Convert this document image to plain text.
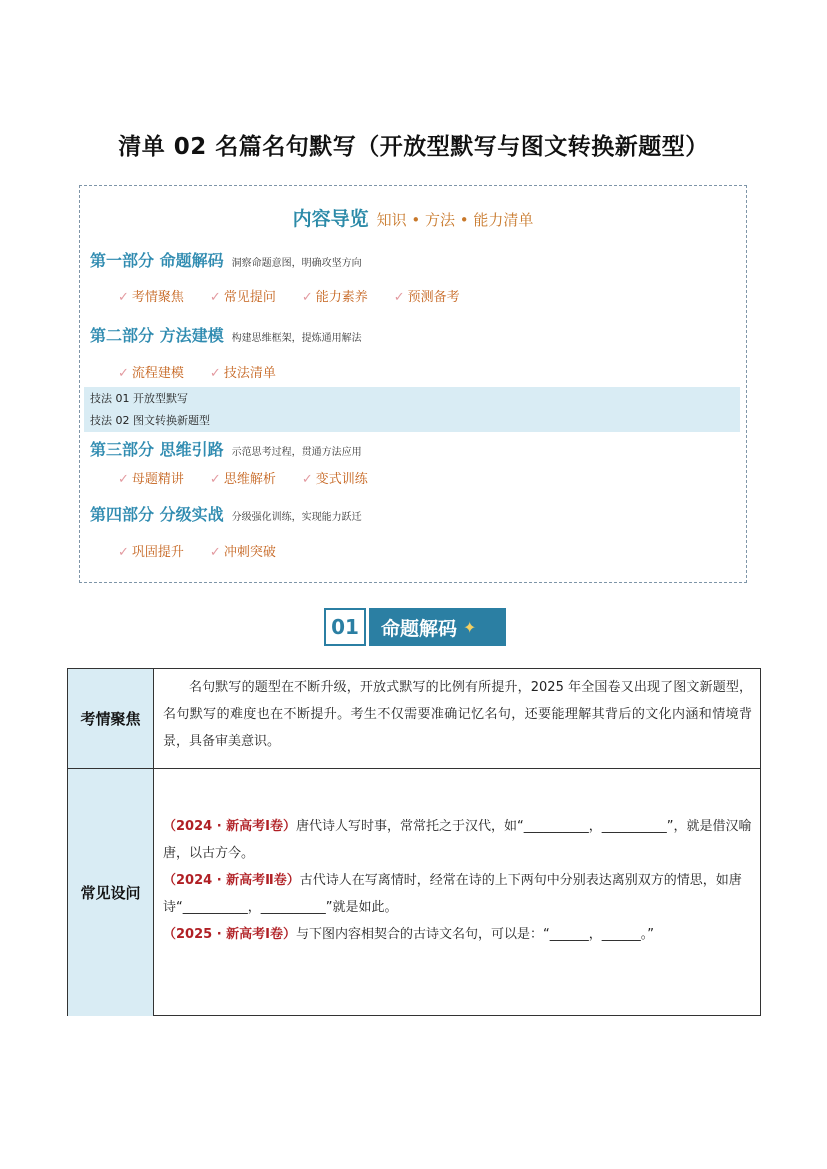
清单 02 名篇名句默写（开放型默写与图文转换新题型）
内容导览 知识 • 方法 • 能力清单
第一部分 命题解码 洞察命题意图，明确攻坚方向
✓ 考情聚焦 ✓ 常见提问 ✓ 能力素养 ✓ 预测备考
第二部分 方法建模 构建思维框架，提炼通用解法
✓ 流程建模 ✓ 技法清单
技法 01 开放型默写
技法 02 图文转换新题型
第三部分 思维引路 示范思考过程，贯通方法应用
✓ 母题精讲 ✓ 思维解析 ✓ 变式训练
第四部分 分级实战 分级强化训练，实现能力跃迁
✓ 巩固提升 ✓ 冲刺突破
01	命题解码 ✦
考情聚焦

名句默写的题型在不断升级，开放式默写的比例有所提升，2025 年全国卷又出现了图文新题型，名句默写的难度也在不断提升。考生不仅需要准确记忆名句，还要能理解其背后的文化内涵和情境背景，具备审美意识。

常见设问

（2024 · 新高考Ⅰ卷）唐代诗人写时事，常常托之于汉代，如“__________，__________”，就是借汉喻唐，以古方今。

（2024 · 新高考Ⅱ卷）古代诗人在写离情时，经常在诗的上下两句中分别表达离别双方的情思，如唐诗“__________，__________”就是如此。

（2025 · 新高考Ⅰ卷）与下图内容相契合的古诗文名句，可以是：“______，______。”
